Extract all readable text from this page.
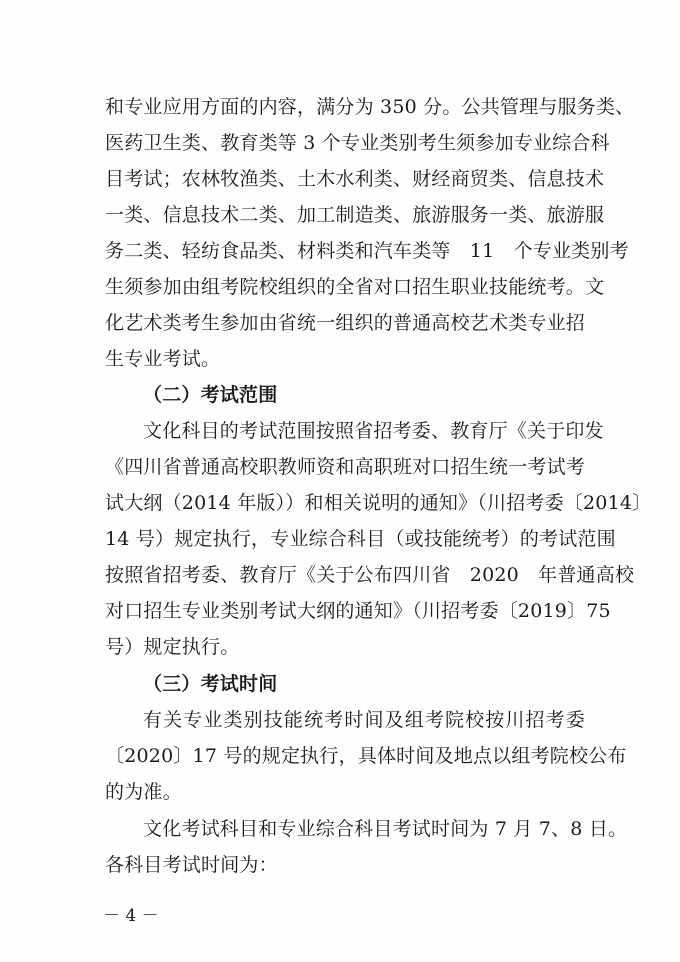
和专业应用方面的内容，满分为 350 分。公共管理与服务类、
医药卫生类、教育类等 3 个专业类别考生须参加专业综合科
目考试；农林牧渔类、土木水利类、财经商贸类、信息技术
一类、信息技术二类、加工制造类、旅游服务一类、旅游服
务二类、轻纺食品类、材料类和汽车类等　11　个专业类别考
生须参加由组考院校组织的全省对口招生职业技能统考。文
化艺术类考生参加由省统一组织的普通高校艺术类专业招
生专业考试。
（二）考试范围
文化科目的考试范围按照省招考委、教育厅《关于印发
《四川省普通高校职教师资和高职班对口招生统一考试考
试大纲（2014 年版））和相关说明的通知》（川招考委〔2014〕
14 号）规定执行，专业综合科目（或技能统考）的考试范围
按照省招考委、教育厅《关于公布四川省　2020　年普通高校
对口招生专业类别考试大纲的通知》（川招考委〔2019〕75
号）规定执行。
（三）考试时间
有关专业类别技能统考时间及组考院校按川招考委
〔2020〕17 号的规定执行，具体时间及地点以组考院校公布
的为准。
文化考试科目和专业综合科目考试时间为 7 月 7、8 日。
各科目考试时间为：
－ 4 －
